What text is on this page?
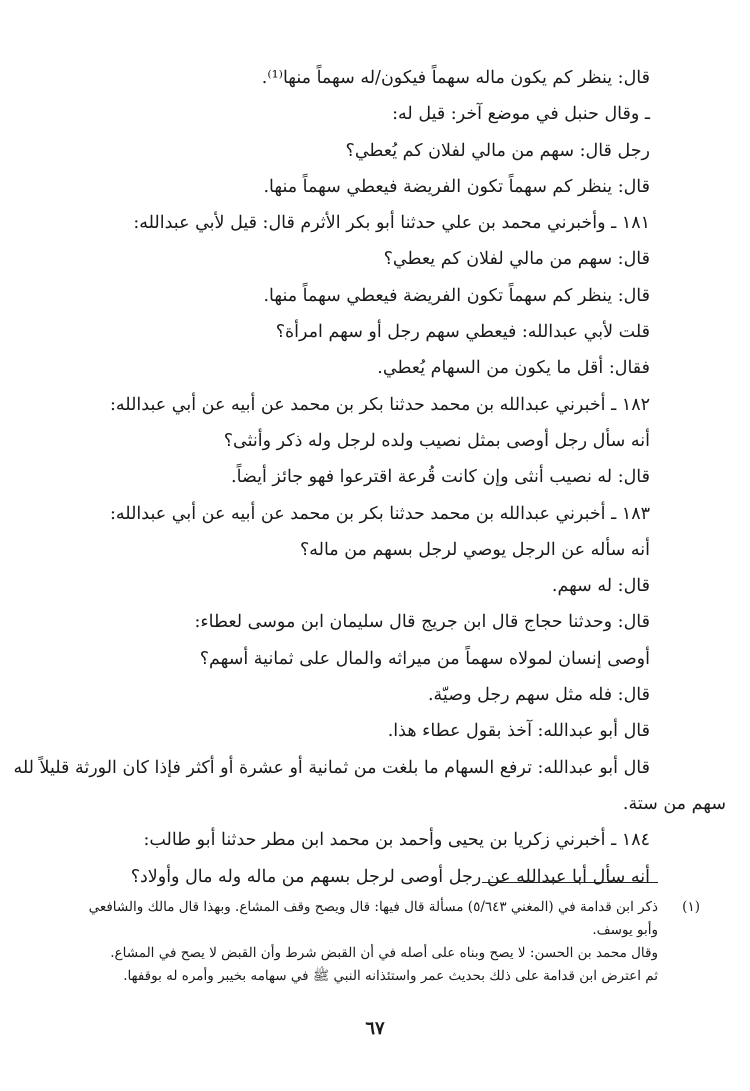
قال: ينظر كم يكون ماله سهماً فيكون/له سهماً منها⁽¹⁾.
ـ وقال حنبل في موضع آخر: قيل له:
رجل قال: سهم من مالي لفلان كم يُعطي؟
قال: ينظر كم سهماً تكون الفريضة فيعطي سهماً منها.
١٨١ ـ وأخبرني محمد بن علي حدثنا أبو بكر الأثرم قال: قيل لأبي عبدالله:
قال: سهم من مالي لفلان كم يعطي؟
قال: ينظر كم سهماً تكون الفريضة فيعطي سهماً منها.
قلت لأبي عبدالله: فيعطي سهم رجل أو سهم امرأة؟
فقال: أقل ما يكون من السهام يُعطي.
١٨٢ ـ أخبرني عبدالله بن محمد حدثنا بكر بن محمد عن أبيه عن أبي عبدالله:
أنه سأل رجل أوصى بمثل نصيب ولده لرجل وله ذكر وأنثى؟
قال: له نصيب أنثى وإن كانت قُرعة اقترعوا فهو جائز أيضاً.
١٨٣ ـ أخبرني عبدالله بن محمد حدثنا بكر بن محمد عن أبيه عن أبي عبدالله:
أنه سأله عن الرجل يوصي لرجل بسهم من ماله؟
قال: له سهم.
قال: وحدثنا حجاج قال ابن جريج قال سليمان ابن موسى لعطاء:
أوصى إنسان لمولاه سهماً من ميراثه والمال على ثمانية أسهم؟
قال: فله مثل سهم رجل وصيّة.
قال أبو عبدالله: آخذ بقول عطاء هذا.
قال أبو عبدالله: ترفع السهام ما بلغت من ثمانية أو عشرة أو أكثر فإذا كان الورثة قليلاً لله
سهم من ستة.
١٨٤ ـ أخبرني زكريا بن يحيى وأحمد بن محمد ابن مطر حدثنا أبو طالب:
أنه سأل أبا عبدالله عن رجل أوصى لرجل بسهم من ماله وله مال وأولاد؟
(١)
ذكر ابن قدامة في (المغني ٥/٦٤٣) مسألة قال فيها: قال ويصح وقف المشاع. وبهذا قال مالك والشافعي
وأبو يوسف.
وقال محمد بن الحسن: لا يصح وبناه على أصله في أن القبض شرط وأن القبض لا يصح في المشاع.
ثم اعترض ابن قدامة على ذلك بحديث عمر واستئذانه النبي ﷺ في سهامه بخيبر وأمره له بوقفها.
٦٧
